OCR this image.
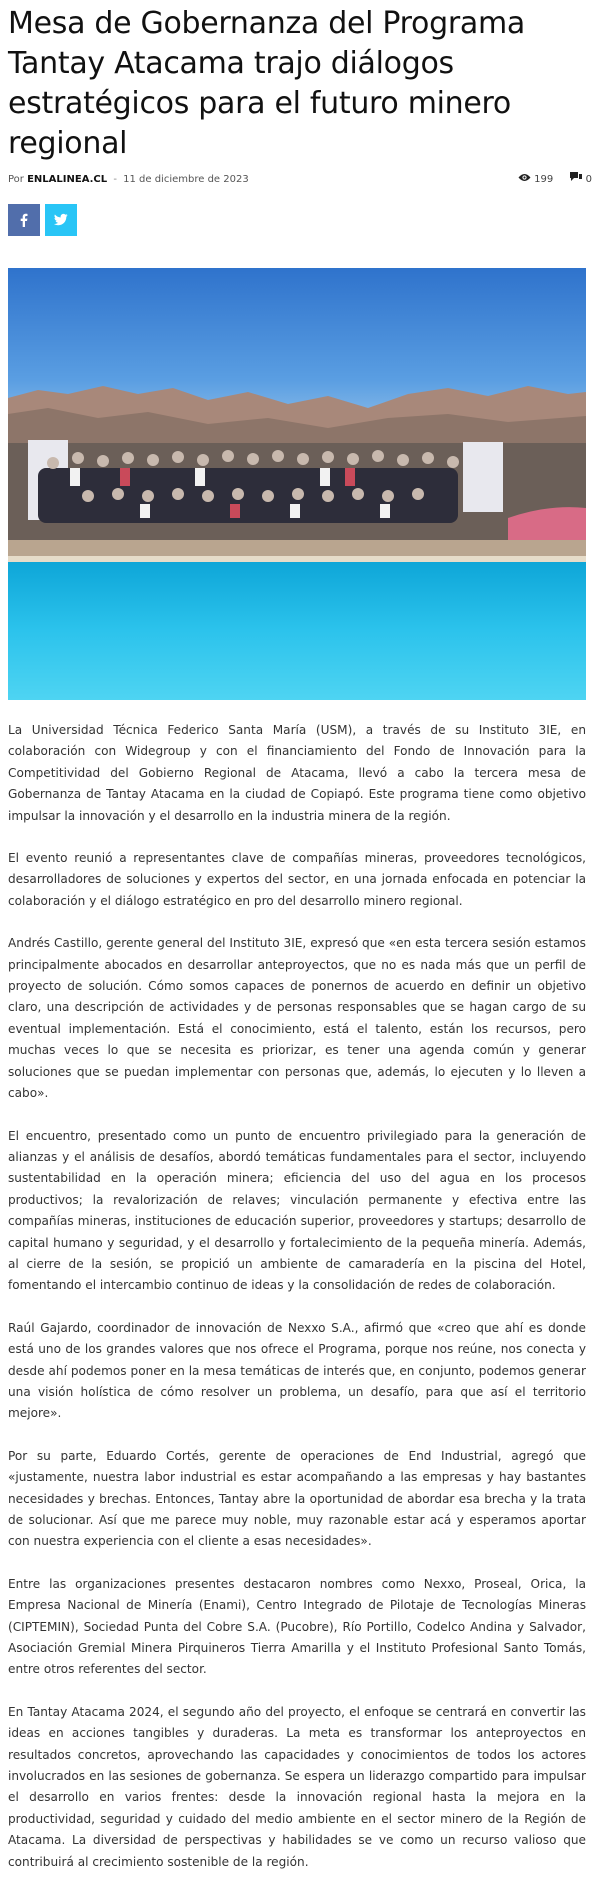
Mesa de Gobernanza del Programa Tantay Atacama trajo diálogos estratégicos para el futuro minero regional
Por ENLALINEA.CL - 11 de diciembre de 2023	199	0

La Universidad Técnica Federico Santa María (USM), a través de su Instituto 3IE, en colaboración con Widegroup y con el financiamiento del Fondo de Innovación para la Competitividad del Gobierno Regional de Atacama, llevó a cabo la tercera mesa de Gobernanza de Tantay Atacama en la ciudad de Copiapó. Este programa tiene como objetivo impulsar la innovación y el desarrollo en la industria minera de la región.

El evento reunió a representantes clave de compañías mineras, proveedores tecnológicos, desarrolladores de soluciones y expertos del sector, en una jornada enfocada en potenciar la colaboración y el diálogo estratégico en pro del desarrollo minero regional.

Andrés Castillo, gerente general del Instituto 3IE, expresó que «en esta tercera sesión estamos principalmente abocados en desarrollar anteproyectos, que no es nada más que un perfil de proyecto de solución. Cómo somos capaces de ponernos de acuerdo en definir un objetivo claro, una descripción de actividades y de personas responsables que se hagan cargo de su eventual implementación. Está el conocimiento, está el talento, están los recursos, pero muchas veces lo que se necesita es priorizar, es tener una agenda común y generar soluciones que se puedan implementar con personas que, además, lo ejecuten y lo lleven a cabo».

El encuentro, presentado como un punto de encuentro privilegiado para la generación de alianzas y el análisis de desafíos, abordó temáticas fundamentales para el sector, incluyendo sustentabilidad en la operación minera; eficiencia del uso del agua en los procesos productivos; la revalorización de relaves; vinculación permanente y efectiva entre las compañías mineras, instituciones de educación superior, proveedores y startups; desarrollo de capital humano y seguridad, y el desarrollo y fortalecimiento de la pequeña minería. Además, al cierre de la sesión, se propició un ambiente de camaradería en la piscina del Hotel, fomentando el intercambio continuo de ideas y la consolidación de redes de colaboración.

Raúl Gajardo, coordinador de innovación de Nexxo S.A., afirmó que «creo que ahí es donde está uno de los grandes valores que nos ofrece el Programa, porque nos reúne, nos conecta y desde ahí podemos poner en la mesa temáticas de interés que, en conjunto, podemos generar una visión holística de cómo resolver un problema, un desafío, para que así el territorio mejore».

Por su parte, Eduardo Cortés, gerente de operaciones de End Industrial, agregó que «justamente, nuestra labor industrial es estar acompañando a las empresas y hay bastantes necesidades y brechas. Entonces, Tantay abre la oportunidad de abordar esa brecha y la trata de solucionar. Así que me parece muy noble, muy razonable estar acá y esperamos aportar con nuestra experiencia con el cliente a esas necesidades».

Entre las organizaciones presentes destacaron nombres como Nexxo, Proseal, Orica, la Empresa Nacional de Minería (Enami), Centro Integrado de Pilotaje de Tecnologías Mineras (CIPTEMIN), Sociedad Punta del Cobre S.A. (Pucobre), Río Portillo, Codelco Andina y Salvador, Asociación Gremial Minera Pirquineros Tierra Amarilla y el Instituto Profesional Santo Tomás, entre otros referentes del sector.

En Tantay Atacama 2024, el segundo año del proyecto, el enfoque se centrará en convertir las ideas en acciones tangibles y duraderas. La meta es transformar los anteproyectos en resultados concretos, aprovechando las capacidades y conocimientos de todos los actores involucrados en las sesiones de gobernanza. Se espera un liderazgo compartido para impulsar el desarrollo en varios frentes: desde la innovación regional hasta la mejora en la productividad, seguridad y cuidado del medio ambiente en el sector minero de la Región de Atacama. La diversidad de perspectivas y habilidades se ve como un recurso valioso que contribuirá al crecimiento sostenible de la región.
